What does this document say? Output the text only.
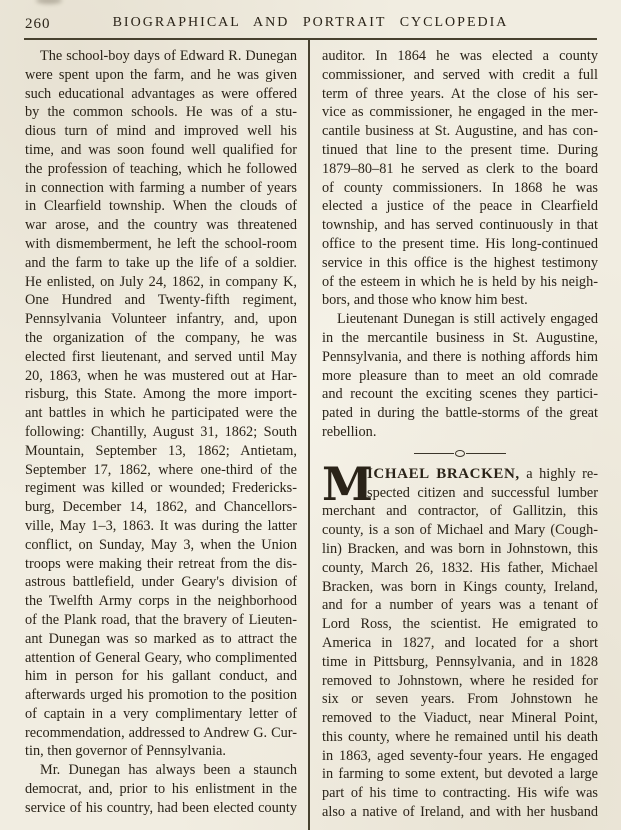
260	BIOGRAPHICAL AND PORTRAIT CYCLOPEDIA
The school-boy days of Edward R. Dunegan
were spent upon the farm, and he was given
such educational advantages as were offered
by the common schools. He was of a stu-
dious turn of mind and improved well his
time, and was soon found well qualified for
the profession of teaching, which he followed
in connection with farming a number of years
in Clearfield township. When the clouds of
war arose, and the country was threatened
with dismemberment, he left the school-room
and the farm to take up the life of a soldier.
He enlisted, on July 24, 1862, in company K,
One Hundred and Twenty-fifth regiment,
Pennsylvania Volunteer infantry, and, upon
the organization of the company, he was
elected first lieutenant, and served until May
20, 1863, when he was mustered out at Har-
risburg, this State. Among the more import-
ant battles in which he participated were the
following: Chantilly, August 31, 1862; South
Mountain, September 13, 1862; Antietam,
September 17, 1862, where one-third of the
regiment was killed or wounded; Fredericks-
burg, December 14, 1862, and Chancellors-
ville, May 1–3, 1863. It was during the latter
conflict, on Sunday, May 3, when the Union
troops were making their retreat from the dis-
astrous battlefield, under Geary's division of
the Twelfth Army corps in the neighborhood
of the Plank road, that the bravery of Lieuten-
ant Dunegan was so marked as to attract the
attention of General Geary, who complimented
him in person for his gallant conduct, and
afterwards urged his promotion to the position
of captain in a very complimentary letter of
recommendation, addressed to Andrew G. Cur-
tin, then governor of Pennsylvania.
Mr. Dunegan has always been a staunch
democrat, and, prior to his enlistment in the
service of his country, had been elected county
auditor. In 1864 he was elected a county
commissioner, and served with credit a full
term of three years. At the close of his ser-
vice as commissioner, he engaged in the mer-
cantile business at St. Augustine, and has con-
tinued that line to the present time. During
1879–80–81 he served as clerk to the board
of county commissioners. In 1868 he was
elected a justice of the peace in Clearfield
township, and has served continuously in that
office to the present time. His long-continued
service in this office is the highest testimony
of the esteem in which he is held by his neigh-
bors, and those who know him best.
Lieutenant Dunegan is still actively engaged
in the mercantile business in St. Augustine,
Pennsylvania, and there is nothing affords him
more pleasure than to meet an old comrade
and recount the exciting scenes they partici-
pated in during the battle-storms of the great
rebellion.
M
ICHAEL BRACKEN, a highly re-
spected citizen and successful lumber
merchant and contractor, of Gallitzin, this
county, is a son of Michael and Mary (Cough-
lin) Bracken, and was born in Johnstown, this
county, March 26, 1832. His father, Michael
Bracken, was born in Kings county, Ireland,
and for a number of years was a tenant of
Lord Ross, the scientist. He emigrated to
America in 1827, and located for a short
time in Pittsburg, Pennsylvania, and in 1828
removed to Johnstown, where he resided for
six or seven years. From Johnstown he
removed to the Viaduct, near Mineral Point,
this county, where he remained until his death
in 1863, aged seventy-four years. He engaged
in farming to some extent, but devoted a large
part of his time to contracting. His wife was
also a native of Ireland, and with her husband
